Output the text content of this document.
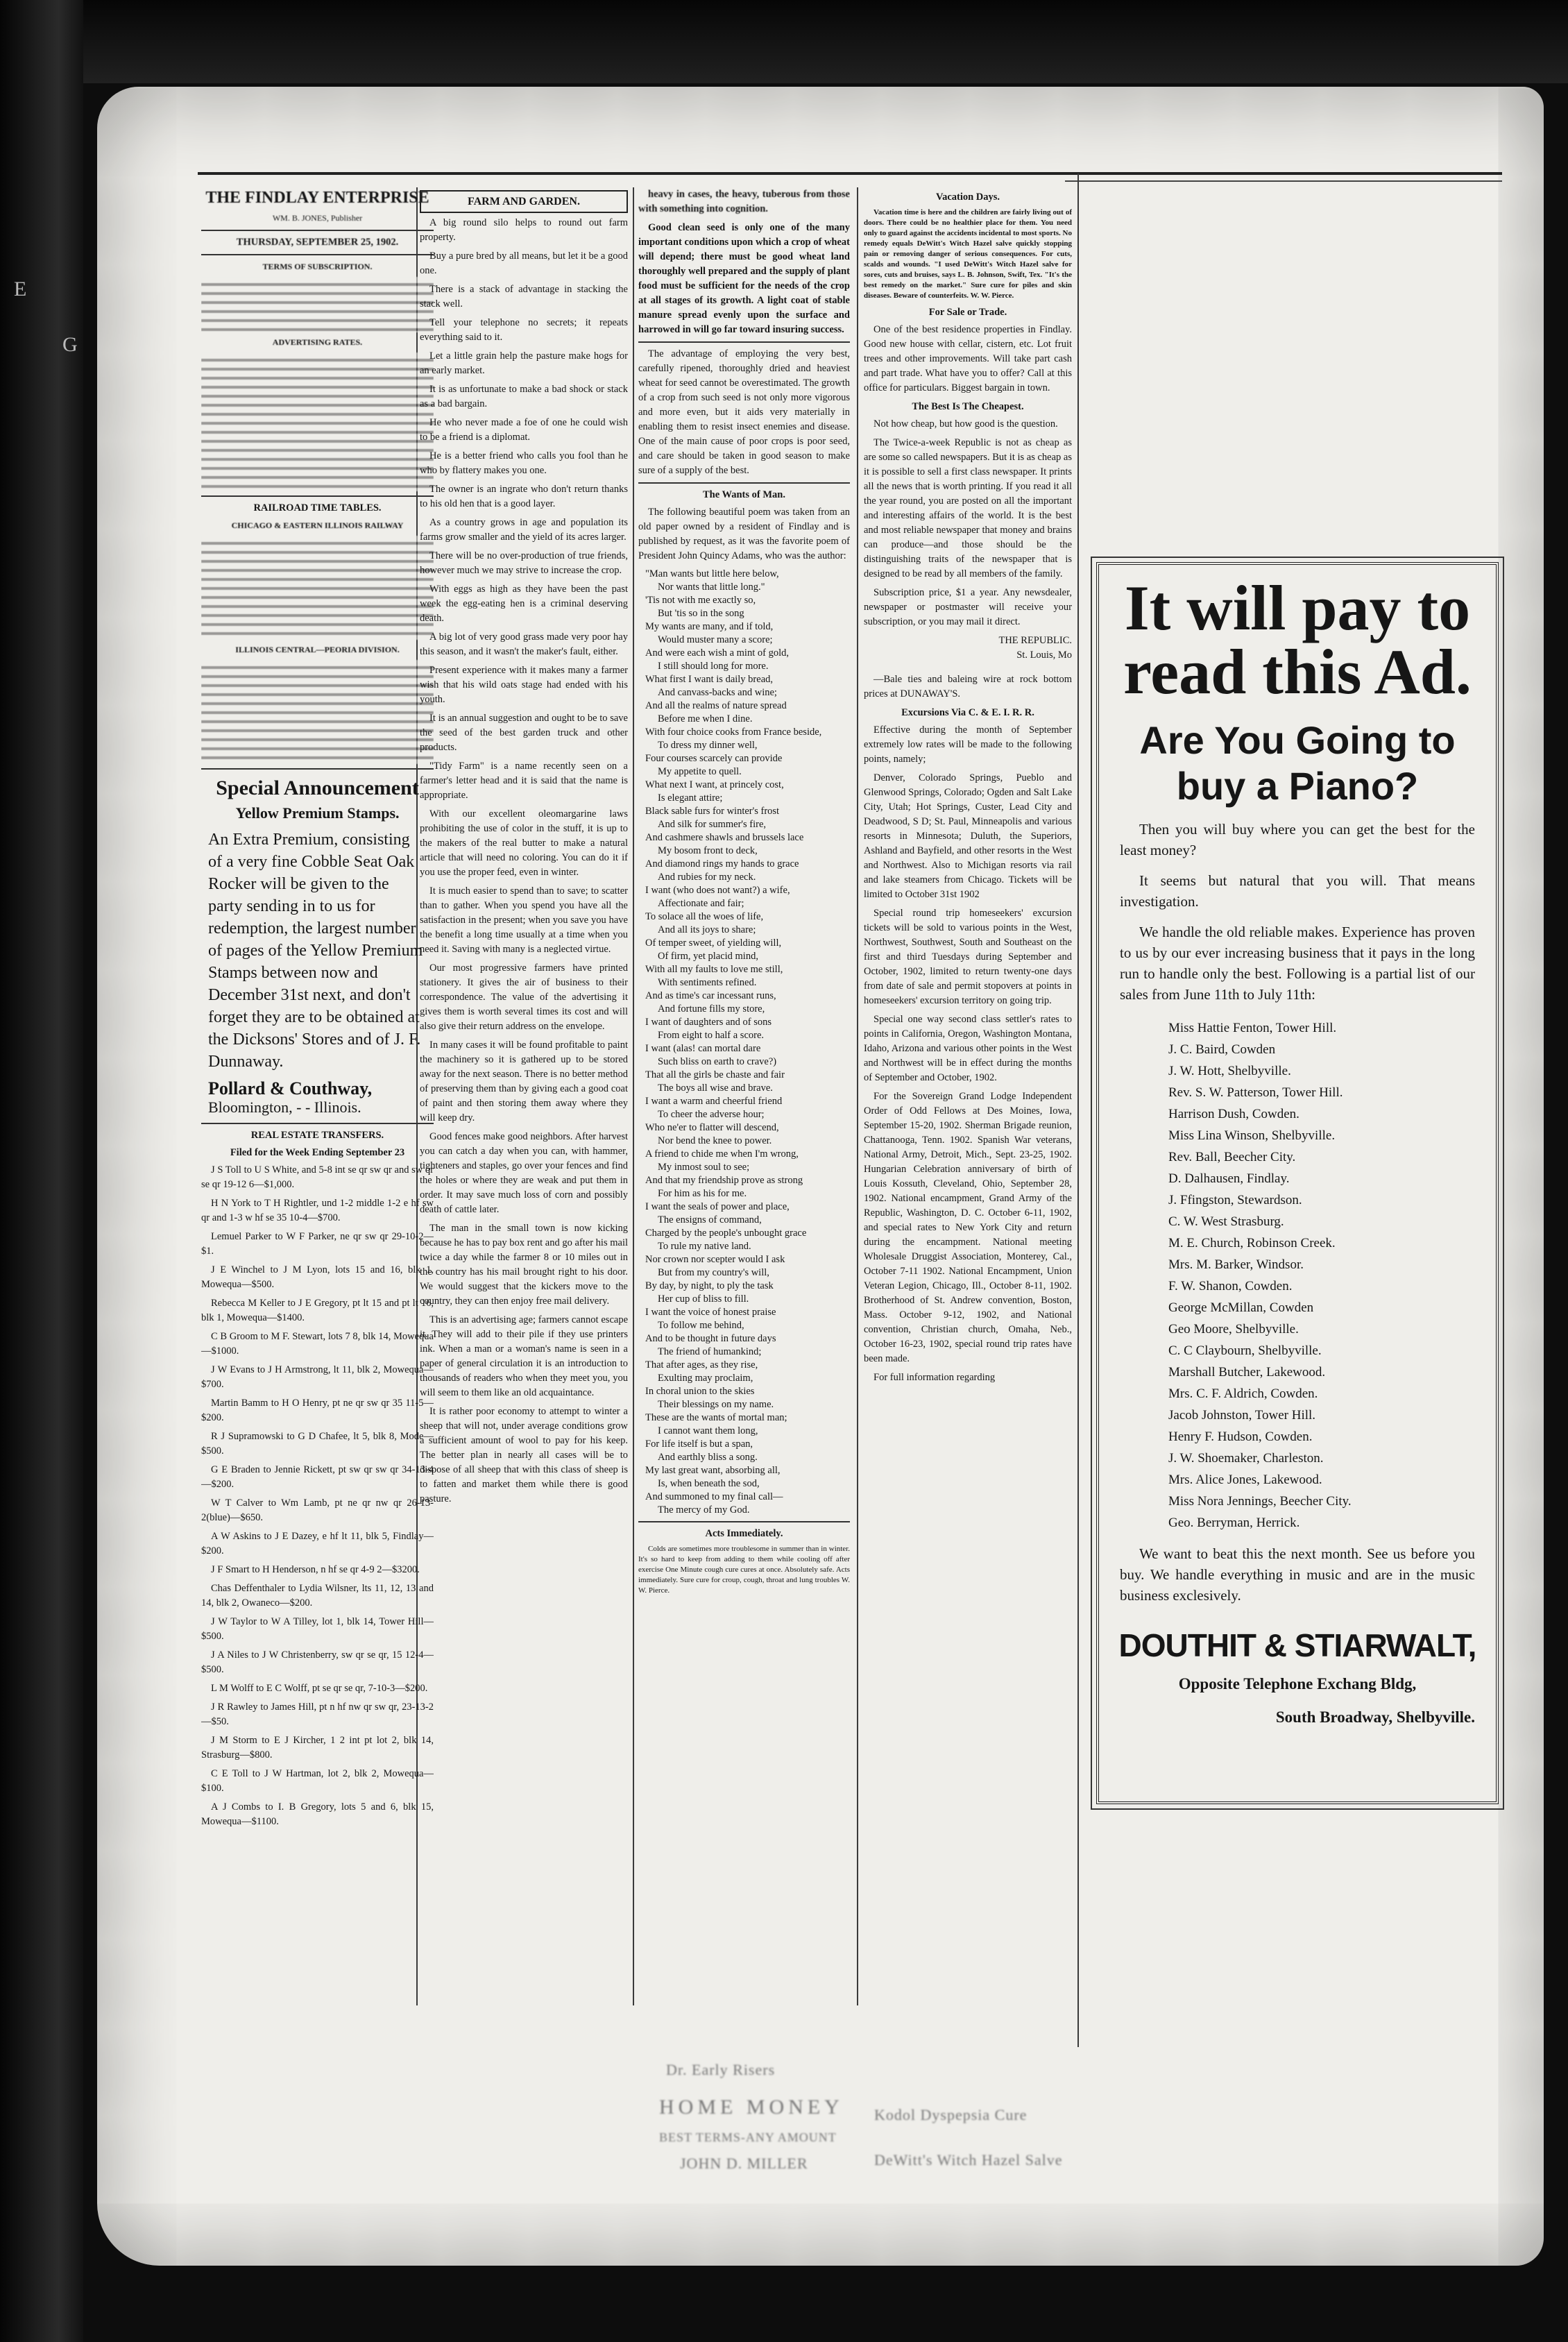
E
G
THE FINDLAY ENTERPRISE
WM. B. JONES, Publisher
THURSDAY, SEPTEMBER 25, 1902.
TERMS OF SUBSCRIPTION.
ADVERTISING RATES.
RAILROAD TIME TABLES.
CHICAGO & EASTERN ILLINOIS RAILWAY
ILLINOIS CENTRAL—PEORIA DIVISION.
Special Announcement
Yellow Premium Stamps.
An Extra Premium, consisting of a very fine Cobble Seat Oak Rocker will be given to the party sending in to us for redemption, the largest number of pages of the Yellow Premium Stamps between now and December 31st next, and don't forget they are to be obtained at the Dicksons' Stores and of J. F. Dunnaway.
Pollard & Couthway,
Bloomington, - - Illinois.
REAL ESTATE TRANSFERS.
Filed for the Week Ending September 23

J S Toll to U S White, and 5-8 int se qr sw qr and sw qr se qr 19-12 6—$1,000.

H N York to T H Rightler, und 1-2 middle 1-2 e hf sw qr and 1-3 w hf se 35 10-4—$700.

Lemuel Parker to W F Parker, ne qr sw qr 29-10-2—$1.

J E Winchel to J M Lyon, lots 15 and 16, blk 1, Mowequa—$500.

Rebecca M Keller to J E Gregory, pt lt 15 and pt lt 16, blk 1, Mowequa—$1400.

C B Groom to M F. Stewart, lots 7 8, blk 14, Mowequa—$1000.

J W Evans to J H Armstrong, lt 11, blk 2, Mowequa—$700.

Martin Bamm to H O Henry, pt ne qr sw qr 35 11-5—$200.

R J Supramowski to G D Chafee, lt 5, blk 8, Mode—$500.

G E Braden to Jennie Rickett, pt sw qr sw qr 34-13-4—$200.

W T Calver to Wm Lamb, pt ne qr nw qr 26-13-2(blue)—$650.

A W Askins to J E Dazey, e hf lt 11, blk 5, Findlay—$200.

J F Smart to H Henderson, n hf se qr 4-9 2—$3200.

Chas Deffenthaler to Lydia Wilsner, lts 11, 12, 13 and 14, blk 2, Owaneco—$200.

J W Taylor to W A Tilley, lot 1, blk 14, Tower Hill—$500.

J A Niles to J W Christenberry, sw qr se qr, 15 12-4—$500.

L M Wolff to E C Wolff, pt se qr se qr, 7-10-3—$200.

J R Rawley to James Hill, pt n hf nw qr sw qr, 23-13-2—$50.

J M Storm to E J Kircher, 1 2 int pt lot 2, blk 14, Strasburg—$800.

C E Toll to J W Hartman, lot 2, blk 2, Mowequa—$100.

A J Combs to I. B Gregory, lots 5 and 6, blk 15, Mowequa—$1100.

FARM AND GARDEN.

A big round silo helps to round out farm property.

Buy a pure bred by all means, but let it be a good one.

There is a stack of advantage in stacking the stack well.

Tell your telephone no secrets; it repeats everything said to it.

Let a little grain help the pasture make hogs for an early market.

It is as unfortunate to make a bad shock or stack as a bad bargain.

He who never made a foe of one he could wish to be a friend is a diplomat.

He is a better friend who calls you fool than he who by flattery makes you one.

The owner is an ingrate who don't return thanks to his old hen that is a good layer.

As a country grows in age and population its farms grow smaller and the yield of its acres larger.

There will be no over-production of true friends, however much we may strive to increase the crop.

With eggs as high as they have been the past week the egg-eating hen is a criminal deserving death.

A big lot of very good grass made very poor hay this season, and it wasn't the maker's fault, either.

Present experience with it makes many a farmer wish that his wild oats stage had ended with his youth.

It is an annual suggestion and ought to be to save the seed of the best garden truck and other products.

"Tidy Farm" is a name recently seen on a farmer's letter head and it is said that the name is appropriate.

With our excellent oleomargarine laws prohibiting the use of color in the stuff, it is up to the makers of the real butter to make a natural article that will need no coloring. You can do it if you use the proper feed, even in winter.

It is much easier to spend than to save; to scatter than to gather. When you spend you have all the satisfaction in the present; when you save you have the benefit a long time usually at a time when you need it. Saving with many is a neglected virtue.

Our most progressive farmers have printed stationery. It gives the air of business to their correspondence. The value of the advertising it gives them is worth several times its cost and will also give their return address on the envelope.

In many cases it will be found profitable to paint the machinery so it is gathered up to be stored away for the next season. There is no better method of preserving them than by giving each a good coat of paint and then storing them away where they will keep dry.

Good fences make good neighbors. After harvest you can catch a day when you can, with hammer, tighteners and staples, go over your fences and find the holes or where they are weak and put them in order. It may save much loss of corn and possibly death of cattle later.

The man in the small town is now kicking because he has to pay box rent and go after his mail twice a day while the farmer 8 or 10 miles out in the country has his mail brought right to his door. We would suggest that the kickers move to the country, they can then enjoy free mail delivery.

This is an advertising age; farmers cannot escape it. They will add to their pile if they use printers ink. When a man or a woman's name is seen in a paper of general circulation it is an introduction to thousands of readers who when they meet you, you will seem to them like an old acquaintance.

It is rather poor economy to attempt to winter a sheep that will not, under average conditions grow a sufficient amount of wool to pay for his keep. The better plan in nearly all cases will be to dispose of all sheep that with this class of sheep is to fatten and market them while there is good pasture.

heavy in cases, the heavy, tuberous from those with something into cognition.

Good clean seed is only one of the many important conditions upon which a crop of wheat will depend; there must be good wheat land thoroughly well prepared and the supply of plant food must be sufficient for the needs of the crop at all stages of its growth. A light coat of stable manure spread evenly upon the surface and harrowed in will go far toward insuring success.

The advantage of employing the very best, carefully ripened, thoroughly dried and heaviest wheat for seed cannot be overestimated. The growth of a crop from such seed is not only more vigorous and more even, but it aids very materially in enabling them to resist insect enemies and disease. One of the main cause of poor crops is poor seed, and care should be taken in good season to make sure of a supply of the best.

The Wants of Man.

The following beautiful poem was taken from an old paper owned by a resident of Findlay and is published by request, as it was the favorite poem of President John Quincy Adams, who was the author:

"Man wants but little here below,
Nor wants that little long."
'Tis not with me exactly so,
But 'tis so in the song
My wants are many, and if told,
Would muster many a score;
And were each wish a mint of gold,
I still should long for more.
What first I want is daily bread,
And canvass-backs and wine;
And all the realms of nature spread
Before me when I dine.
With four choice cooks from France beside,
To dress my dinner well,
Four courses scarcely can provide
My appetite to quell.
What next I want, at princely cost,
Is elegant attire;
Black sable furs for winter's frost
And silk for summer's fire,
And cashmere shawls and brussels lace
My bosom front to deck,
And diamond rings my hands to grace
And rubies for my neck.
I want (who does not want?) a wife,
Affectionate and fair;
To solace all the woes of life,
And all its joys to share;
Of temper sweet, of yielding will,
Of firm, yet placid mind,
With all my faults to love me still,
With sentiments refined.
And as time's car incessant runs,
And fortune fills my store,
I want of daughters and of sons
From eight to half a score.
I want (alas! can mortal dare
Such bliss on earth to crave?)
That all the girls be chaste and fair
The boys all wise and brave.
I want a warm and cheerful friend
To cheer the adverse hour;
Who ne'er to flatter will descend,
Nor bend the knee to power.
A friend to chide me when I'm wrong,
My inmost soul to see;
And that my friendship prove as strong
For him as his for me.
I want the seals of power and place,
The ensigns of command,
Charged by the people's unbought grace
To rule my native land.
Nor crown nor scepter would I ask
But from my country's will,
By day, by night, to ply the task
Her cup of bliss to fill.
I want the voice of honest praise
To follow me behind,
And to be thought in future days
The friend of humankind;
That after ages, as they rise,
Exulting may proclaim,
In choral union to the skies
Their blessings on my name.
These are the wants of mortal man;
I cannot want them long,
For life itself is but a span,
And earthly bliss a song.
My last great want, absorbing all,
Is, when beneath the sod,
And summoned to my final call—
The mercy of my God.
Acts Immediately.

Colds are sometimes more troublesome in summer than in winter. It's so hard to keep from adding to them while cooling off after exercise One Minute cough cure cures at once. Absolutely safe. Acts immediately. Sure cure for croup, cough, throat and lung troubles W. W. Pierce.

Vacation Days.

Vacation time is here and the children are fairly living out of doors. There could be no healthier place for them. You need only to guard against the accidents incidental to most sports. No remedy equals DeWitt's Witch Hazel salve quickly stopping pain or removing danger of serious consequences. For cuts, scalds and wounds. "I used DeWitt's Witch Hazel salve for sores, cuts and bruises, says L. B. Johnson, Swift, Tex. "It's the best remedy on the market." Sure cure for piles and skin diseases. Beware of counterfeits. W. W. Pierce.

For Sale or Trade.

One of the best residence properties in Findlay. Good new house with cellar, cistern, etc. Lot fruit trees and other improvements. Will take part cash and part trade. What have you to offer? Call at this office for particulars. Biggest bargain in town.

The Best Is The Cheapest.

Not how cheap, but how good is the question.

The Twice-a-week Republic is not as cheap as are some so called newspapers. But it is as cheap as it is possible to sell a first class newspaper. It prints all the news that is worth printing. If you read it all the year round, you are posted on all the important and interesting affairs of the world. It is the best and most reliable newspaper that money and brains can produce—and those should be the distinguishing traits of the newspaper that is designed to be read by all members of the family.

Subscription price, $1 a year. Any newsdealer, newspaper or postmaster will receive your subscription, or you may mail it direct.

THE REPUBLIC.
St. Louis, Mo

—Bale ties and baleing wire at rock bottom prices at DUNAWAY'S.

Excursions Via C. & E. I. R. R.

Effective during the month of September extremely low rates will be made to the following points, namely;

Denver, Colorado Springs, Pueblo and Glenwood Springs, Colorado; Ogden and Salt Lake City, Utah; Hot Springs, Custer, Lead City and Deadwood, S D; St. Paul, Minneapolis and various resorts in Minnesota; Duluth, the Superiors, Ashland and Bayfield, and other resorts in the West and Northwest. Also to Michigan resorts via rail and lake steamers from Chicago. Tickets will be limited to October 31st 1902

Special round trip homeseekers' excursion tickets will be sold to various points in the West, Northwest, Southwest, South and Southeast on the first and third Tuesdays during September and October, 1902, limited to return twenty-one days from date of sale and permit stopovers at points in homeseekers' excursion territory on going trip.

Special one way second class settler's rates to points in California, Oregon, Washington Montana, Idaho, Arizona and various other points in the West and Northwest will be in effect during the months of September and October, 1902.

For the Sovereign Grand Lodge Independent Order of Odd Fellows at Des Moines, Iowa, September 15-20, 1902. Sherman Brigade reunion, Chattanooga, Tenn. 1902. Spanish War veterans, National Army, Detroit, Mich., Sept. 23-25, 1902. Hungarian Celebration anniversary of birth of Louis Kossuth, Cleveland, Ohio, September 28, 1902. National encampment, Grand Army of the Republic, Washington, D. C. October 6-11, 1902, and special rates to New York City and return during the encampment. National meeting Wholesale Druggist Association, Monterey, Cal., October 7-11 1902. National Encampment, Union Veteran Legion, Chicago, Ill., October 8-11, 1902. Brotherhood of St. Andrew convention, Boston, Mass. October 9-12, 1902, and National convention, Christian church, Omaha, Neb., October 16-23, 1902, special round trip rates have been made.

For full information regarding

Dr. Early Risers
HOME MONEY
BEST TERMS-ANY AMOUNT
JOHN D. MILLER
Kodol Dyspepsia Cure
DeWitt's Witch Hazel Salve
It will pay to read this Ad.
Are You Going to buy a Piano?

Then you will buy where you can get the best for the least money?

It seems but natural that you will. That means investigation.

We handle the old reliable makes. Experience has proven to us by our ever increasing business that it pays in the long run to handle only the best. Following is a partial list of our sales from June 11th to July 11th:

Miss Hattie Fenton, Tower Hill.
J. C. Baird, Cowden
J. W. Hott, Shelbyville.
Rev. S. W. Patterson, Tower Hill.
Harrison Dush, Cowden.
Miss Lina Winson, Shelbyville.
Rev. Ball, Beecher City.
D. Dalhausen, Findlay.
J. Ffingston, Stewardson.
C. W. West Strasburg.
M. E. Church, Robinson Creek.
Mrs. M. Barker, Windsor.
F. W. Shanon, Cowden.
George McMillan, Cowden
Geo Moore, Shelbyville.
C. C Claybourn, Shelbyville.
Marshall Butcher, Lakewood.
Mrs. C. F. Aldrich, Cowden.
Jacob Johnston, Tower Hill.
Henry F. Hudson, Cowden.
J. W. Shoemaker, Charleston.
Mrs. Alice Jones, Lakewood.
Miss Nora Jennings, Beecher City.
Geo. Berryman, Herrick.

We want to beat this the next month. See us before you buy. We handle everything in music and are in the music business exclesively.

DOUTHIT & STIARWALT,
Opposite Telephone Exchang Bldg,
South Broadway, Shelbyville.
